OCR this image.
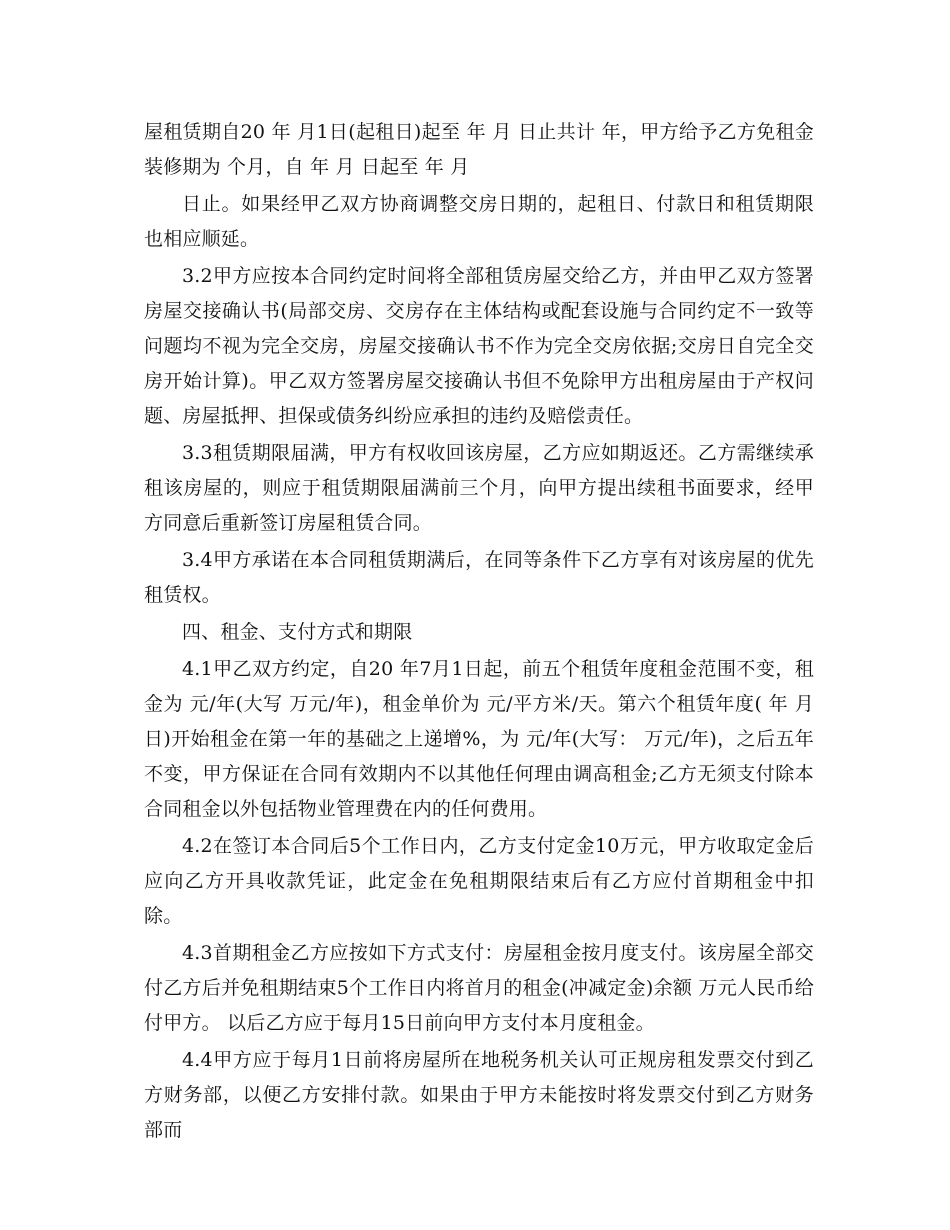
屋租赁期自20 年 月1日(起租日)起至 年 月 日止共计 年，甲方给予乙方免租金装修期为 个月，自 年 月 日起至 年 月

日止。如果经甲乙双方协商调整交房日期的，起租日、付款日和租赁期限也相应顺延。

3.2甲方应按本合同约定时间将全部租赁房屋交给乙方，并由甲乙双方签署房屋交接确认书(局部交房、交房存在主体结构或配套设施与合同约定不一致等问题均不视为完全交房，房屋交接确认书不作为完全交房依据;交房日自完全交房开始计算)。甲乙双方签署房屋交接确认书但不免除甲方出租房屋由于产权问题、房屋抵押、担保或债务纠纷应承担的违约及赔偿责任。

3.3租赁期限届满，甲方有权收回该房屋，乙方应如期返还。乙方需继续承租该房屋的，则应于租赁期限届满前三个月，向甲方提出续租书面要求，经甲方同意后重新签订房屋租赁合同。

3.4甲方承诺在本合同租赁期满后，在同等条件下乙方享有对该房屋的优先租赁权。

四、租金、支付方式和期限

4.1甲乙双方约定，自20 年7月1日起，前五个租赁年度租金范围不变，租金为 元/年(大写 万元/年)，租金单价为 元/平方米/天。第六个租赁年度( 年 月 日)开始租金在第一年的基础之上递增%，为 元/年(大写： 万元/年)，之后五年不变，甲方保证在合同有效期内不以其他任何理由调高租金;乙方无须支付除本合同租金以外包括物业管理费在内的任何费用。

4.2在签订本合同后5个工作日内，乙方支付定金10万元，甲方收取定金后应向乙方开具收款凭证，此定金在免租期限结束后有乙方应付首期租金中扣除。

4.3首期租金乙方应按如下方式支付：房屋租金按月度支付。该房屋全部交付乙方后并免租期结束5个工作日内将首月的租金(冲减定金)余额 万元人民币给付甲方。 以后乙方应于每月15日前向甲方支付本月度租金。

4.4甲方应于每月1日前将房屋所在地税务机关认可正规房租发票交付到乙方财务部，以便乙方安排付款。如果由于甲方未能按时将发票交付到乙方财务部而
